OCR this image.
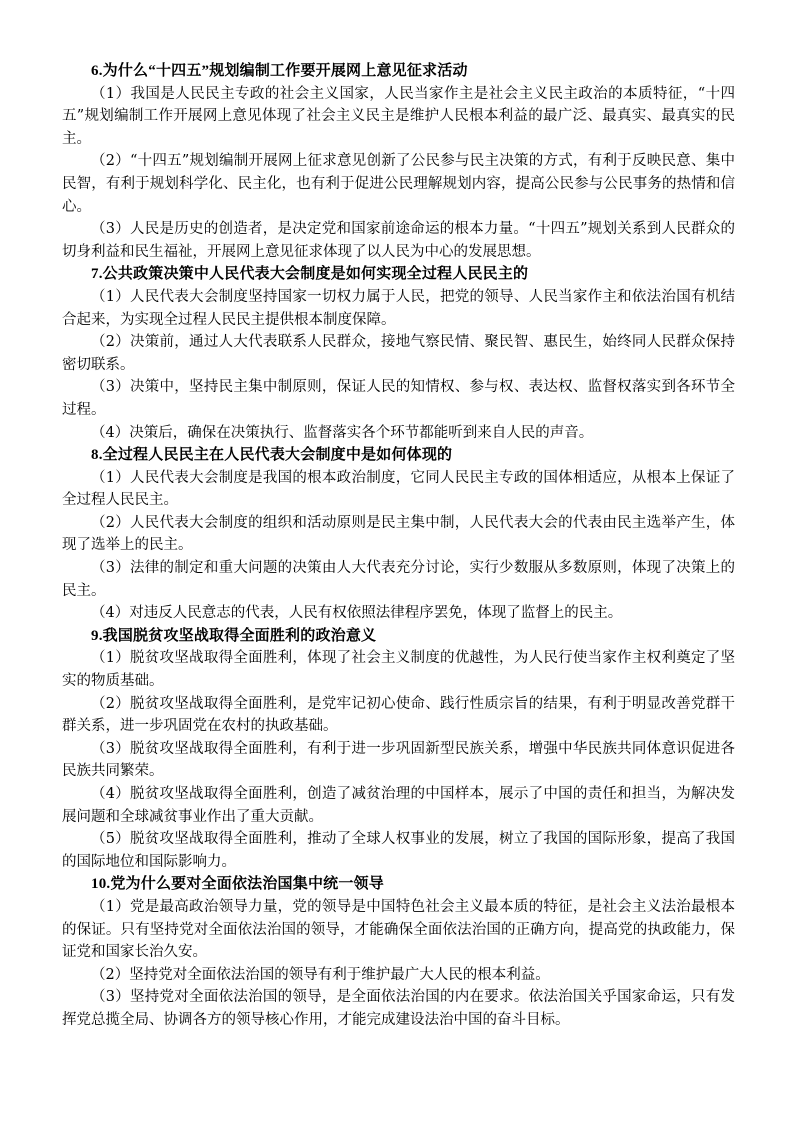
6.为什么“十四五”规划编制工作要开展网上意见征求活动

（1）我国是人民民主专政的社会主义国家，人民当家作主是社会主义民主政治的本质特征，“十四五”规划编制工作开展网上意见体现了社会主义民主是维护人民根本利益的最广泛、最真实、最真实的民主。

（2）“十四五”规划编制开展网上征求意见创新了公民参与民主决策的方式，有利于反映民意、集中民智，有利于规划科学化、民主化，也有利于促进公民理解规划内容，提高公民参与公民事务的热情和信心。

（3）人民是历史的创造者，是决定党和国家前途命运的根本力量。“十四五”规划关系到人民群众的切身利益和民生福祉，开展网上意见征求体现了以人民为中心的发展思想。

7.公共政策决策中人民代表大会制度是如何实现全过程人民民主的

（1）人民代表大会制度坚持国家一切权力属于人民，把党的领导、人民当家作主和依法治国有机结合起来，为实现全过程人民民主提供根本制度保障。

（2）决策前，通过人大代表联系人民群众，接地气察民情、聚民智、惠民生，始终同人民群众保持密切联系。

（3）决策中，坚持民主集中制原则，保证人民的知情权、参与权、表达权、监督权落实到各环节全过程。

（4）决策后，确保在决策执行、监督落实各个环节都能听到来自人民的声音。

8.全过程人民民主在人民代表大会制度中是如何体现的

（1）人民代表大会制度是我国的根本政治制度，它同人民民主专政的国体相适应，从根本上保证了全过程人民民主。

（2）人民代表大会制度的组织和活动原则是民主集中制，人民代表大会的代表由民主选举产生，体现了选举上的民主。

（3）法律的制定和重大问题的决策由人大代表充分讨论，实行少数服从多数原则，体现了决策上的民主。

（4）对违反人民意志的代表，人民有权依照法律程序罢免，体现了监督上的民主。

9.我国脱贫攻坚战取得全面胜利的政治意义

（1）脱贫攻坚战取得全面胜利，体现了社会主义制度的优越性，为人民行使当家作主权利奠定了坚实的物质基础。

（2）脱贫攻坚战取得全面胜利，是党牢记初心使命、践行性质宗旨的结果，有利于明显改善党群干群关系，进一步巩固党在农村的执政基础。

（3）脱贫攻坚战取得全面胜利，有利于进一步巩固新型民族关系，增强中华民族共同体意识促进各民族共同繁荣。

（4）脱贫攻坚战取得全面胜利，创造了减贫治理的中国样本，展示了中国的责任和担当，为解决发展问题和全球减贫事业作出了重大贡献。

（5）脱贫攻坚战取得全面胜利，推动了全球人权事业的发展，树立了我国的国际形象，提高了我国的国际地位和国际影响力。

10.党为什么要对全面依法治国集中统一领导

（1）党是最高政治领导力量，党的领导是中国特色社会主义最本质的特征，是社会主义法治最根本的保证。只有坚持党对全面依法治国的领导，才能确保全面依法治国的正确方向，提高党的执政能力，保证党和国家长治久安。

（2）坚持党对全面依法治国的领导有利于维护最广大人民的根本利益。

（3）坚持党对全面依法治国的领导，是全面依法治国的内在要求。依法治国关乎国家命运，只有发挥党总揽全局、协调各方的领导核心作用，才能完成建设法治中国的奋斗目标。
